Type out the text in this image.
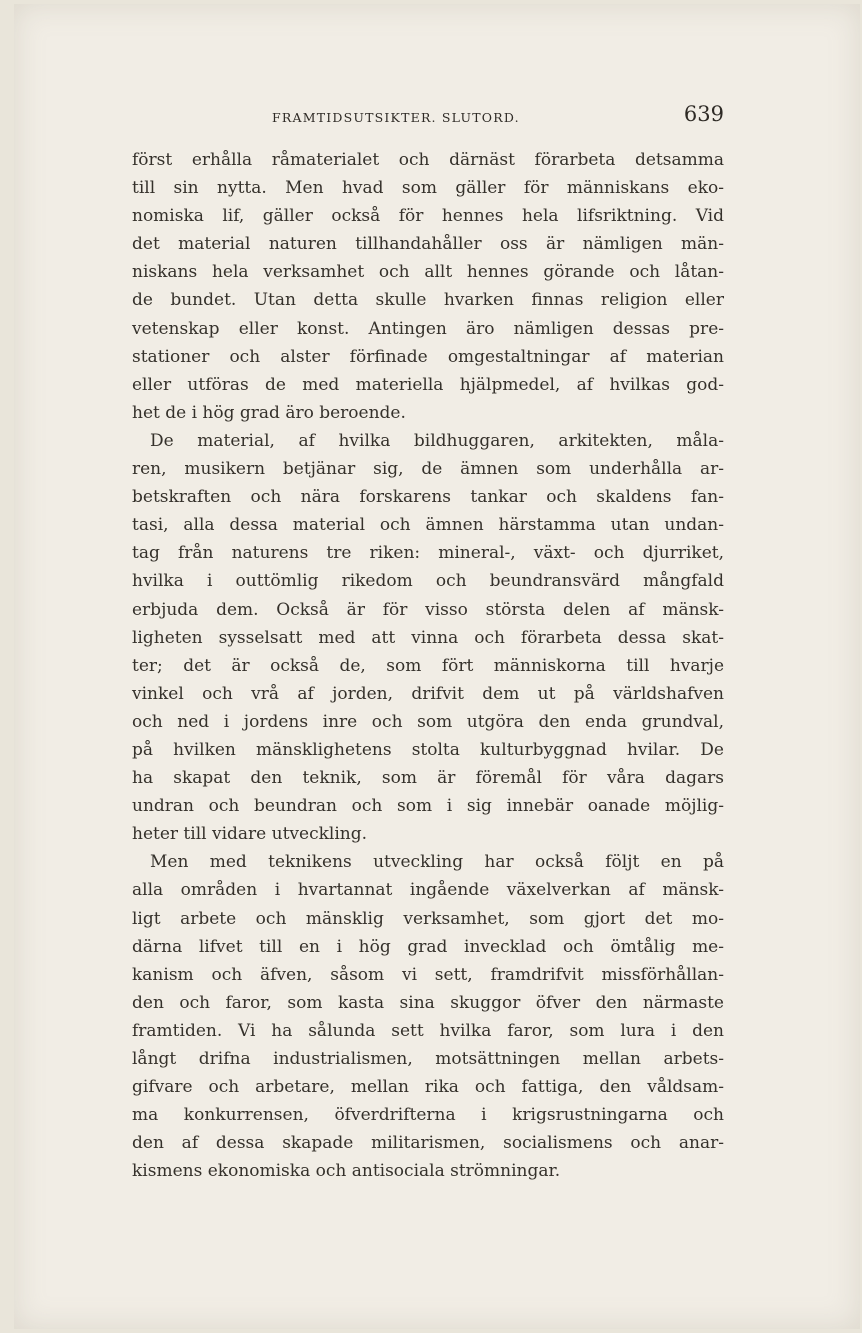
FRAMTIDSUTSIKTER. SLUTORD.	639
först erhålla råmaterialet och därnäst förarbeta detsamma
till sin nytta. Men hvad som gäller för människans eko-
nomiska lif, gäller också för hennes hela lifsriktning. Vid
det material naturen tillhandahåller oss är nämligen män-
niskans hela verksamhet och allt hennes görande och låtan-
de bundet. Utan detta skulle hvarken finnas religion eller
vetenskap eller konst. Antingen äro nämligen dessas pre-
stationer och alster förfinade omgestaltningar af materian
eller utföras de med materiella hjälpmedel, af hvilkas god-
het de i hög grad äro beroende.
De material, af hvilka bildhuggaren, arkitekten, måla-
ren, musikern betjänar sig, de ämnen som underhålla ar-
betskraften och nära forskarens tankar och skaldens fan-
tasi, alla dessa material och ämnen härstamma utan undan-
tag från naturens tre riken: mineral-, växt- och djurriket,
hvilka i outtömlig rikedom och beundransvärd mångfald
erbjuda dem. Också är för visso största delen af mänsk-
ligheten sysselsatt med att vinna och förarbeta dessa skat-
ter; det är också de, som fört människorna till hvarje
vinkel och vrå af jorden, drifvit dem ut på världshafven
och ned i jordens inre och som utgöra den enda grundval,
på hvilken mänsklighetens stolta kulturbyggnad hvilar. De
ha skapat den teknik, som är föremål för våra dagars
undran och beundran och som i sig innebär oanade möjlig-
heter till vidare utveckling.
Men med teknikens utveckling har också följt en på
alla områden i hvartannat ingående växelverkan af mänsk-
ligt arbete och mänsklig verksamhet, som gjort det mo-
därna lifvet till en i hög grad invecklad och ömtålig me-
kanism och äfven, såsom vi sett, framdrifvit missförhållan-
den och faror, som kasta sina skuggor öfver den närmaste
framtiden. Vi ha sålunda sett hvilka faror, som lura i den
långt drifna industrialismen, motsättningen mellan arbets-
gifvare och arbetare, mellan rika och fattiga, den våldsam-
ma konkurrensen, öfverdrifterna i krigsrustningarna och
den af dessa skapade militarismen, socialismens och anar-
kismens ekonomiska och antisociala strömningar.
